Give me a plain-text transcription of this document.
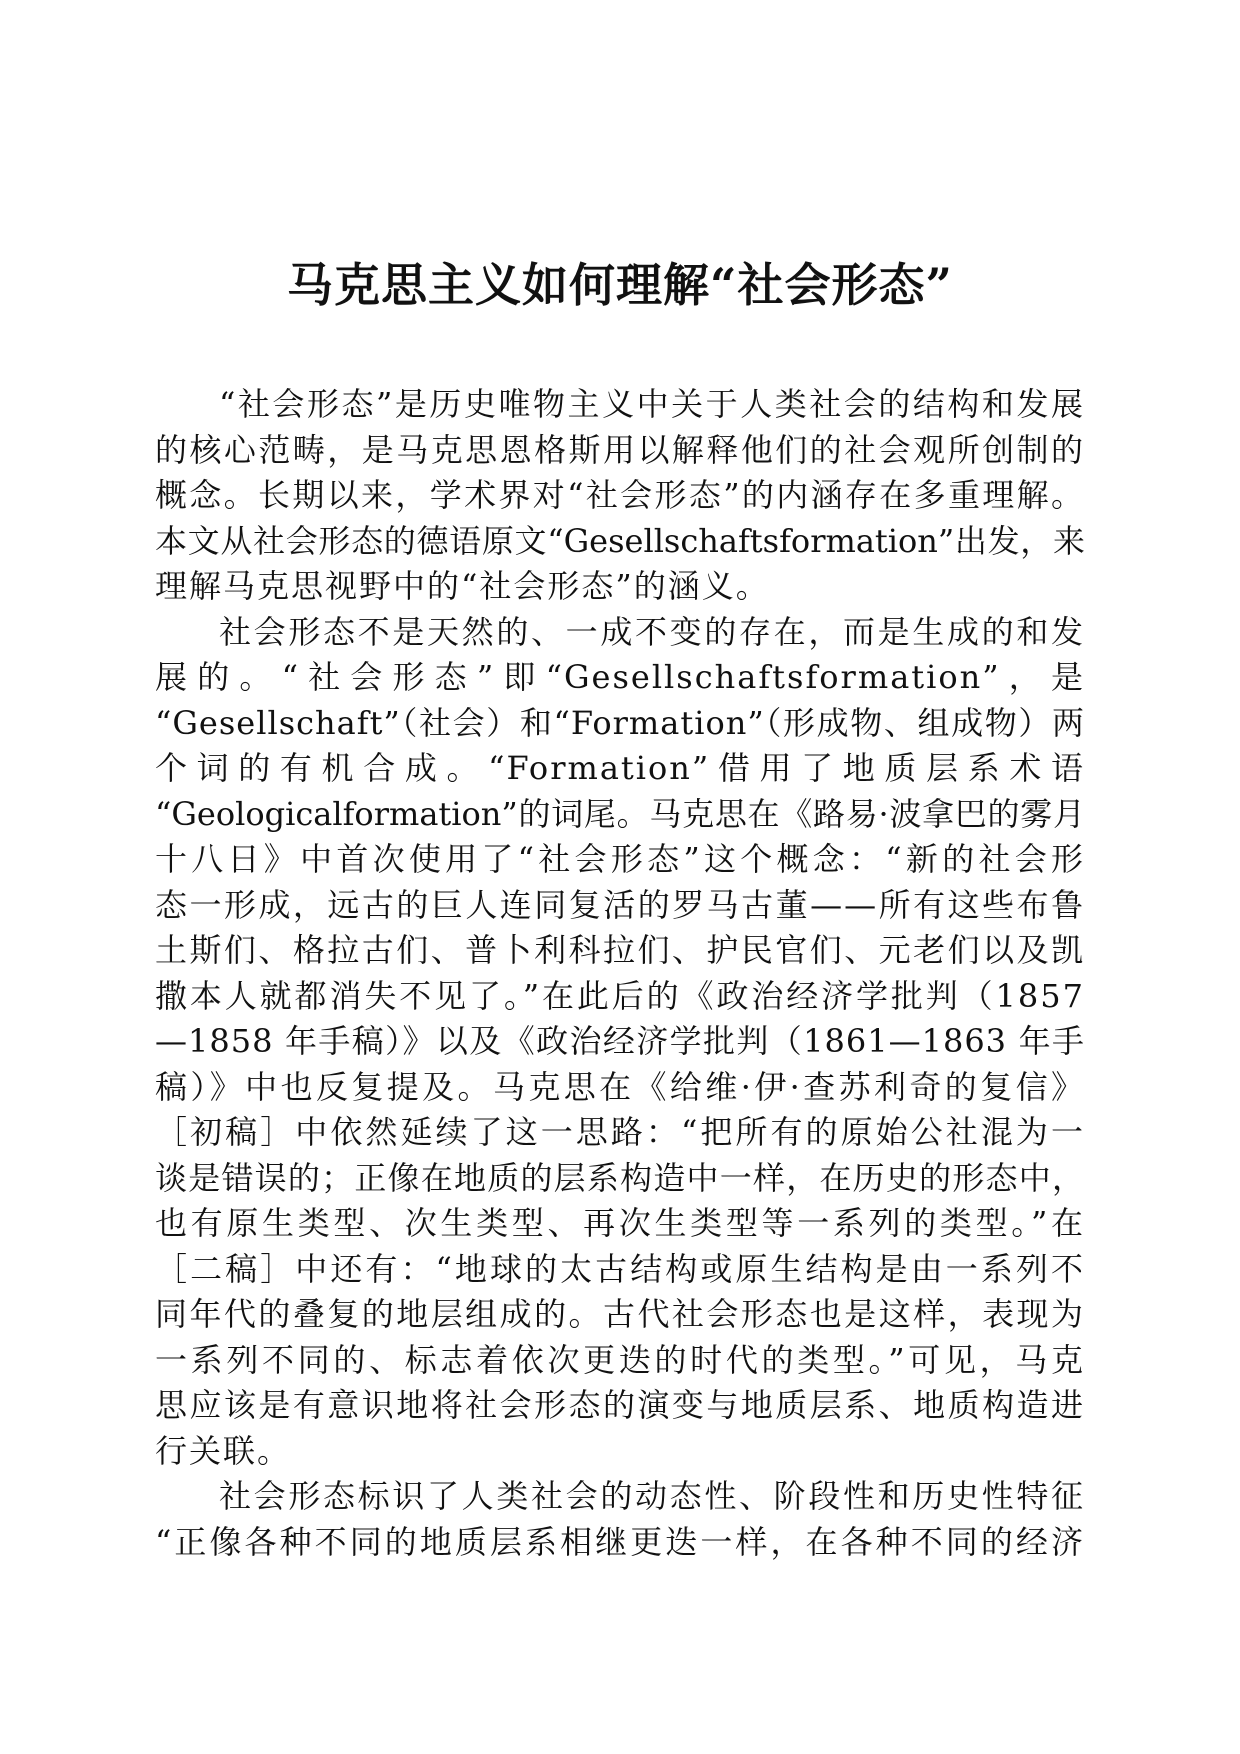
马克思主义如何理解“社会形态”
“社会形态”是历史唯物主义中关于人类社会的结构和发展
的核心范畴，是马克思恩格斯用以解释他们的社会观所创制的
概念。长期以来，学术界对“社会形态”的内涵存在多重理解。
本文从社会形态的德语原文“Gesellschaftsformation”出发，来
理解马克思视野中的“社会形态”的涵义。
社会形态不是天然的、一成不变的存在，而是生成的和发
展的。“社会形态”即“Gesellschaftsformation”，是
“Gesellschaft”（社会）和“Formation”（形成物、组成物）两
个词的有机合成。“Formation”借用了地质层系术语
“Geologicalformation”的词尾。马克思在《路易·波拿巴的雾月
十八日》中首次使用了“社会形态”这个概念：“新的社会形
态一形成，远古的巨人连同复活的罗马古董——所有这些布鲁
土斯们、格拉古们、普卜利科拉们、护民官们、元老们以及凯
撒本人就都消失不见了。”在此后的《政治经济学批判（1857
—1858 年手稿）》以及《政治经济学批判（1861—1863 年手
稿）》中也反复提及。马克思在《给维·伊·查苏利奇的复信》
［初稿］中依然延续了这一思路：“把所有的原始公社混为一
谈是错误的；正像在地质的层系构造中一样，在历史的形态中，
也有原生类型、次生类型、再次生类型等一系列的类型。”在
［二稿］中还有：“地球的太古结构或原生结构是由一系列不
同年代的叠复的地层组成的。古代社会形态也是这样，表现为
一系列不同的、标志着依次更迭的时代的类型。”可见，马克
思应该是有意识地将社会形态的演变与地质层系、地质构造进
行关联。
社会形态标识了人类社会的动态性、阶段性和历史性特征
“正像各种不同的地质层系相继更迭一样，在各种不同的经济
